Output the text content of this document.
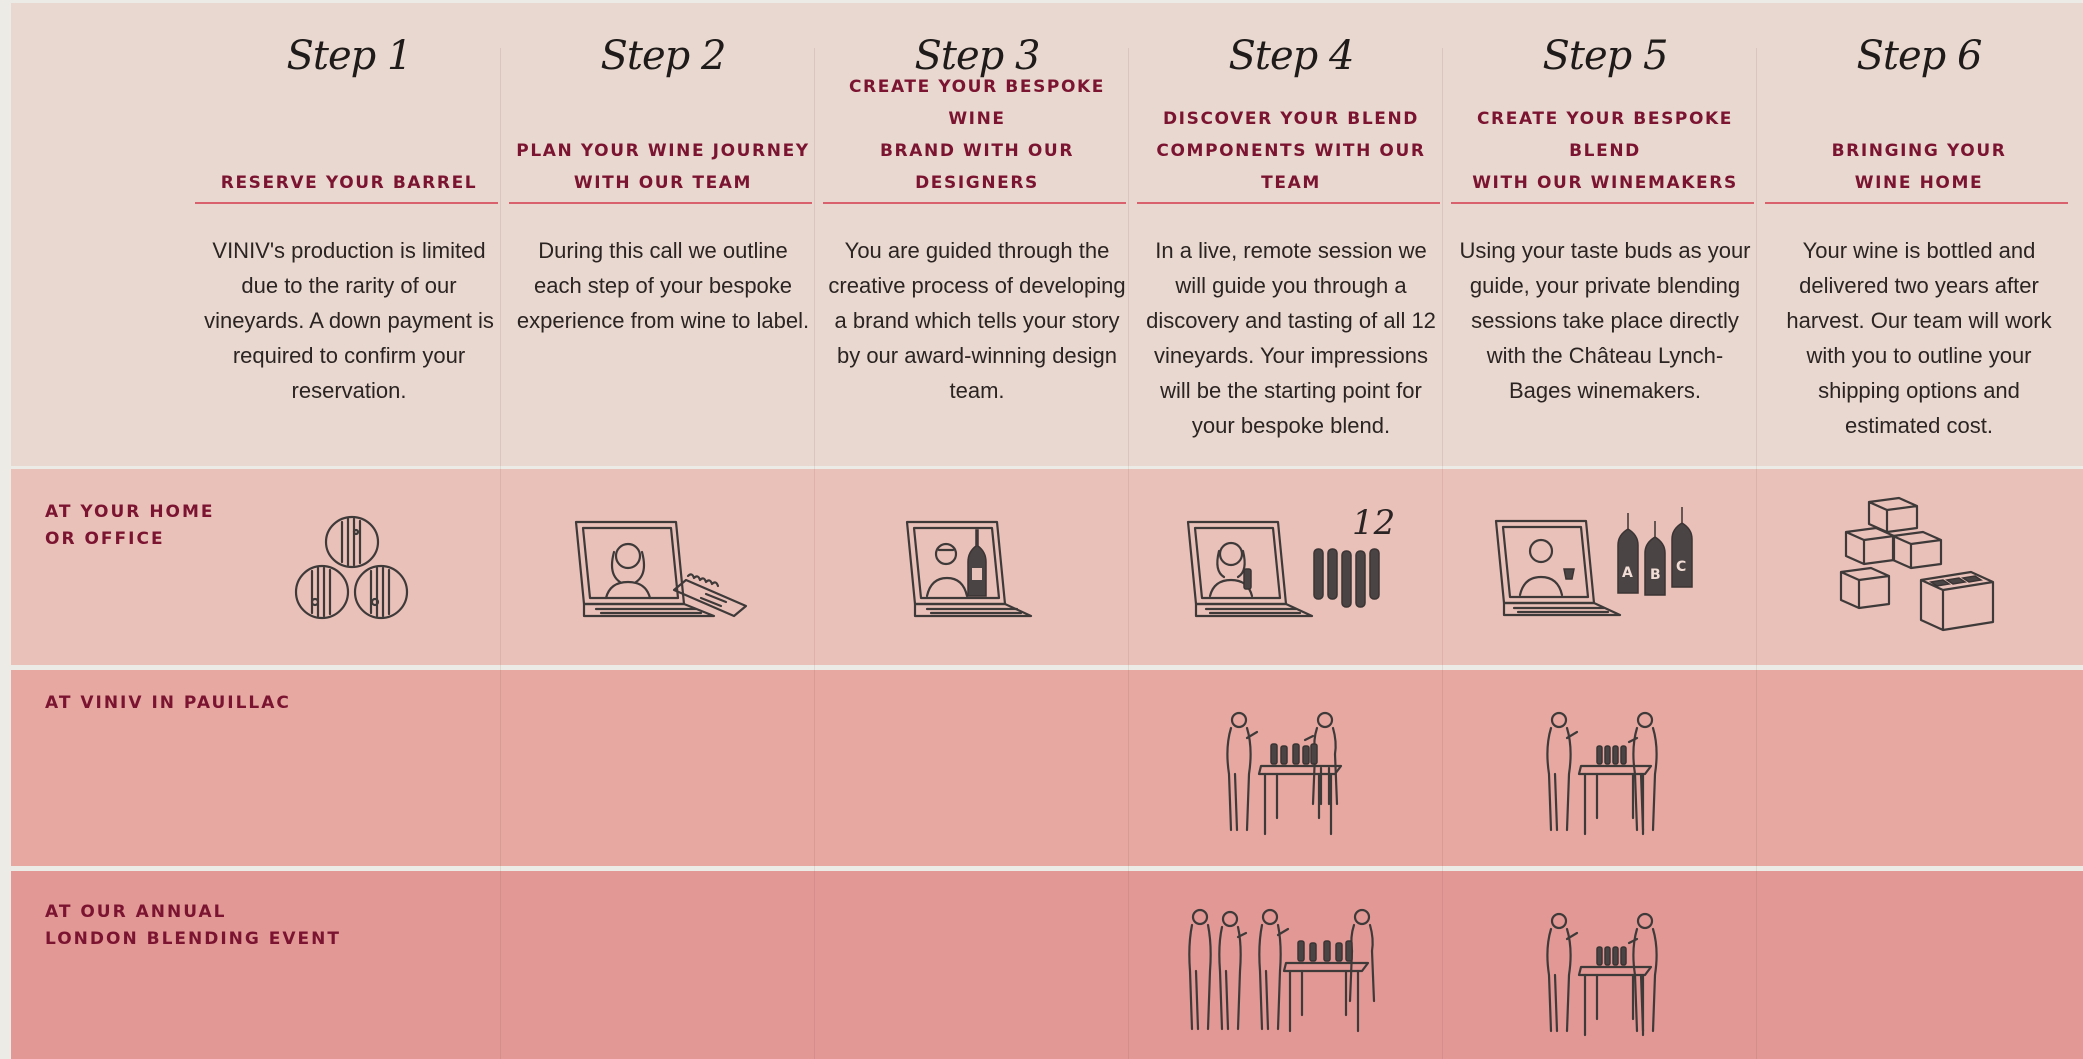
Step 1
RESERVE YOUR BARREL
VINIV's production is limited due to the rarity of our vineyards. A down payment is required to confirm your reservation.
Step 2
PLAN YOUR WINE JOURNEY
WITH OUR TEAM
During this call we outline each step of your bespoke experience from wine to label.
Step 3
CREATE YOUR BESPOKE WINE
BRAND WITH OUR DESIGNERS
You are guided through the creative process of developing a brand which tells your story by our award-winning design team.
Step 4
DISCOVER YOUR BLEND
COMPONENTS WITH OUR TEAM
In a live, remote session we will guide you through a discovery and tasting of all 12 vineyards. Your impressions will be the starting point for your bespoke blend.
Step 5
CREATE YOUR BESPOKE BLEND
WITH OUR WINEMAKERS
Using your taste buds as your guide, your private blending sessions take place directly with the Château Lynch-Bages winemakers.
Step 6
BRINGING YOUR
WINE HOME
Your wine is bottled and delivered two years after harvest. Our team will work with you to outline your shipping options and estimated cost.
AT YOUR HOME
OR OFFICE	12
A B C
AT VINIV IN PAUILLAC
AT OUR ANNUAL
LONDON BLENDING EVENT
